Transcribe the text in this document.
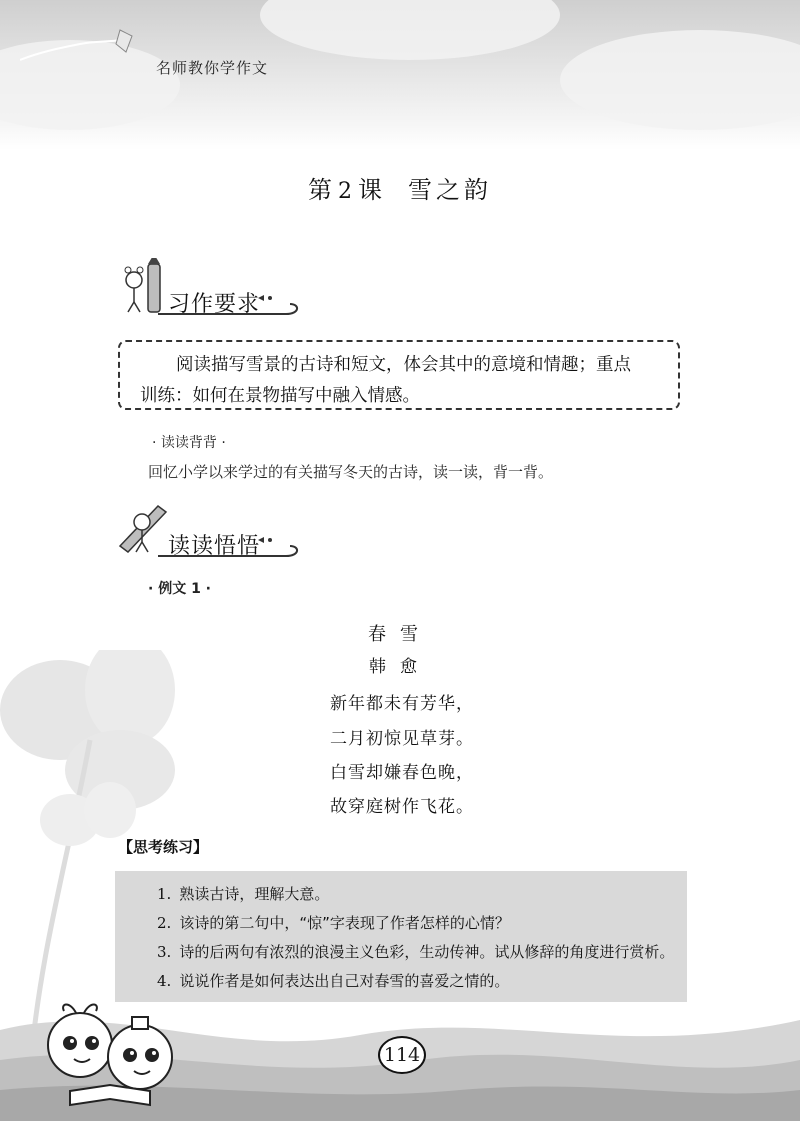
名师教你学作文
第2课 雪之韵
习作要求
阅读描写雪景的古诗和短文，体会其中的意境和情趣；重点
训练：如何在景物描写中融入情感。
· 读读背背 ·
回忆小学以来学过的有关描写冬天的古诗，读一读，背一背。
读读悟悟
· 例文 1 ·
春雪
韩愈
新年都未有芳华，
二月初惊见草芽。
白雪却嫌春色晚，
故穿庭树作飞花。
【思考练习】
1. 熟读古诗，理解大意。
2. 该诗的第二句中，“惊”字表现了作者怎样的心情？
3. 诗的后两句有浓烈的浪漫主义色彩，生动传神。试从修辞的角度进行赏析。
4. 说说作者是如何表达出自己对春雪的喜爱之情的。
114
